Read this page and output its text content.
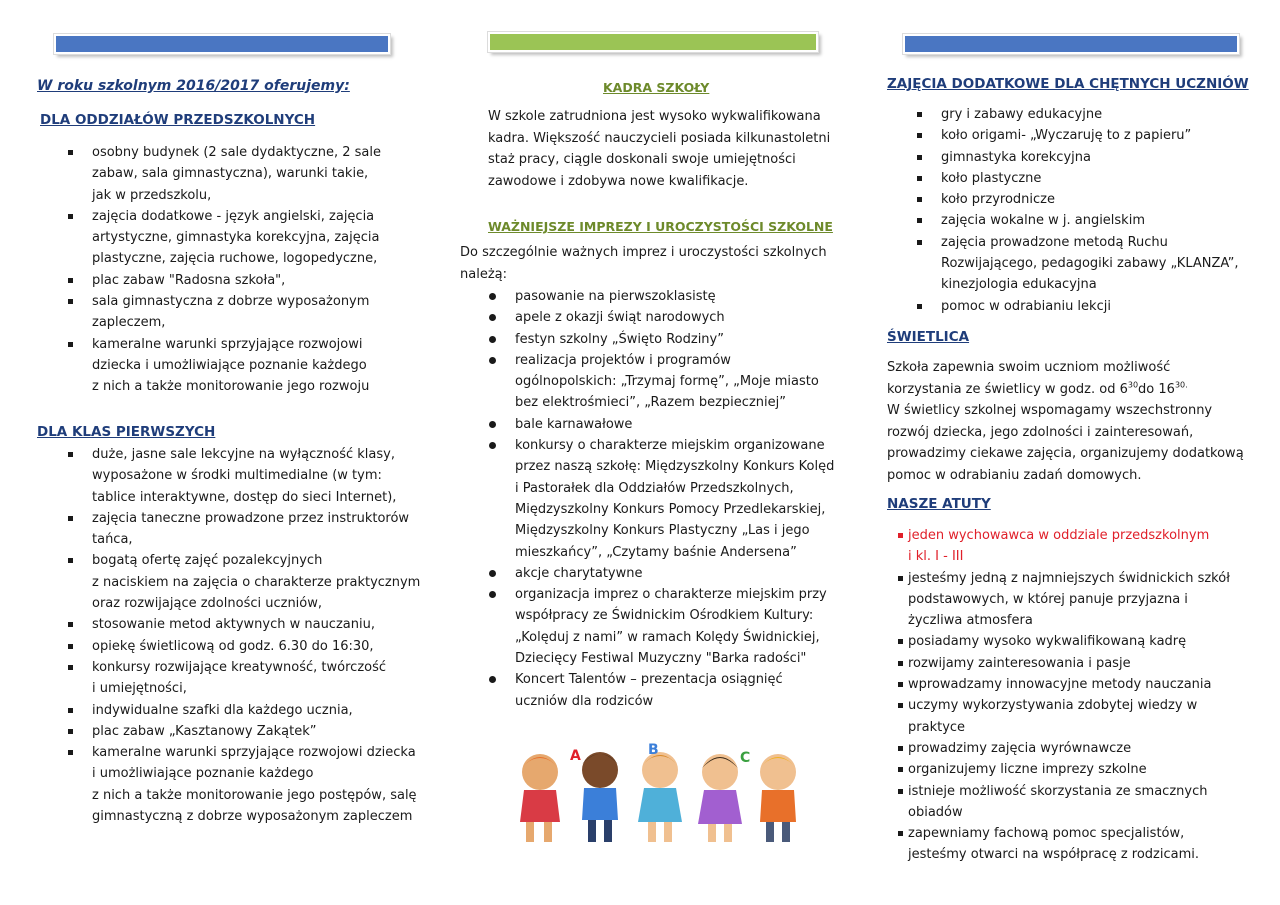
W roku szkolnym 2016/2017 oferujemy:
DLA ODDZIAŁÓW PRZEDSZKOLNYCH
osobny budynek (2 sale dydaktyczne, 2 sale
zabaw, sala gimnastyczna), warunki takie,
jak w przedszkolu,
zajęcia dodatkowe - język angielski, zajęcia
artystyczne, gimnastyka korekcyjna, zajęcia
plastyczne, zajęcia ruchowe, logopedyczne,
plac zabaw "Radosna szkoła",
sala gimnastyczna z dobrze wyposażonym
zapleczem,
kameralne warunki sprzyjające rozwojowi
dziecka i umożliwiające poznanie każdego
z nich a także monitorowanie jego rozwoju
DLA KLAS PIERWSZYCH
duże, jasne sale lekcyjne na wyłączność klasy,
wyposażone w środki multimedialne (w tym:
tablice interaktywne, dostęp do sieci Internet),
zajęcia taneczne prowadzone przez instruktorów
tańca,
bogatą ofertę zajęć pozalekcyjnych
z naciskiem na zajęcia o charakterze praktycznym
oraz rozwijające zdolności uczniów,
stosowanie metod aktywnych w nauczaniu,
opiekę świetlicową od godz. 6.30 do 16:30,
konkursy rozwijające kreatywność, twórczość
i umiejętności,
indywidualne szafki dla każdego ucznia,
plac zabaw „Kasztanowy Zakątek”
kameralne warunki sprzyjające rozwojowi dziecka
i umożliwiające poznanie każdego
z nich a także monitorowanie jego postępów, salę
gimnastyczną z dobrze wyposażonym zapleczem
KADRA SZKOŁY
W szkole zatrudniona jest wysoko wykwalifikowana
kadra. Większość nauczycieli posiada kilkunastoletni
staż pracy, ciągle doskonali swoje umiejętności
zawodowe i zdobywa nowe kwalifikacje.
WAŻNIEJSZE IMPREZY I UROCZYSTOŚCI SZKOLNE
Do szczególnie ważnych imprez i uroczystości szkolnych
należą:
pasowanie na pierwszoklasistę
apele z okazji świąt narodowych
festyn szkolny „Święto Rodziny”
realizacja projektów i programów
ogólnopolskich: „Trzymaj formę”, „Moje miasto
bez elektrośmieci”, „Razem bezpieczniej”
bale karnawałowe
konkursy o charakterze miejskim organizowane
przez naszą szkołę: Międzyszkolny Konkurs Kolęd
i Pastorałek dla Oddziałów Przedszkolnych,
Międzyszkolny Konkurs Pomocy Przedlekarskiej,
Międzyszkolny Konkurs Plastyczny „Las i jego
mieszkańcy”, „Czytamy baśnie Andersena”
akcje charytatywne
organizacja imprez o charakterze miejskim przy
współpracy ze Świdnickim Ośrodkiem Kultury:
„Kolęduj z nami” w ramach Kolędy Świdnickiej,
Dziecięcy Festiwal Muzyczny "Barka radości"
Koncert Talentów – prezentacja osiągnięć
uczniów dla rodziców
A	B	C
ZAJĘCIA DODATKOWE DLA CHĘTNYCH UCZNIÓW
gry i zabawy edukacyjne
koło origami- „Wyczaruję to z papieru”
gimnastyka korekcyjna
koło plastyczne
koło przyrodnicze
zajęcia wokalne w j. angielskim
zajęcia prowadzone metodą Ruchu
Rozwijającego, pedagogiki zabawy „KLANZA”,
kinezjologia edukacyjna
pomoc w odrabianiu lekcji
ŚWIETLICA
Szkoła zapewnia swoim uczniom możliwość
korzystania ze świetlicy w godz. od $6^{30}do$ $16^{30.}$
W świetlicy szkolnej wspomagamy wszechstronny
rozwój dziecka, jego zdolności i zainteresowań,
prowadzimy ciekawe zajęcia, organizujemy dodatkową
pomoc w odrabianiu zadań domowych.
NASZE ATUTY
jeden wychowawca w oddziale przedszkolnym
i kl. I - III
jesteśmy jedną z najmniejszych świdnickich szkół
podstawowych, w której panuje przyjazna i
życzliwa atmosfera
posiadamy wysoko wykwalifikowaną kadrę
rozwijamy zainteresowania i pasje
wprowadzamy innowacyjne metody nauczania
uczymy wykorzystywania zdobytej wiedzy w
praktyce
prowadzimy zajęcia wyrównawcze
organizujemy liczne imprezy szkolne
istnieje możliwość skorzystania ze smacznych
obiadów
zapewniamy fachową pomoc specjalistów,
jesteśmy otwarci na współpracę z rodzicami.
